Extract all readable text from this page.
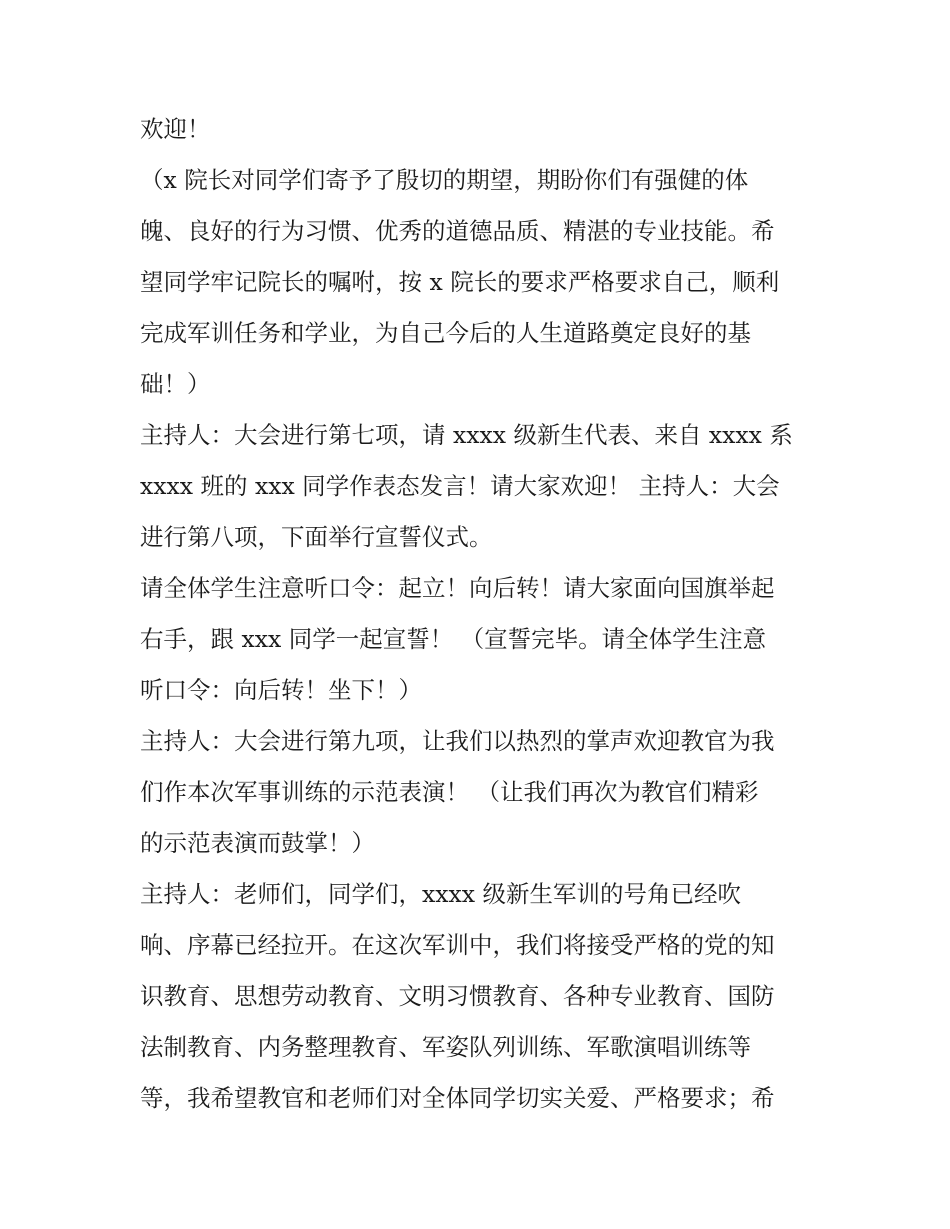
欢迎！
（x 院长对同学们寄予了殷切的期望，期盼你们有强健的体
魄、良好的行为习惯、优秀的道德品质、精湛的专业技能。希
望同学牢记院长的嘱咐，按 x 院长的要求严格要求自己，顺利
完成军训任务和学业，为自己今后的人生道路奠定良好的基
础！）
主持人：大会进行第七项，请 xxxx 级新生代表、来自 xxxx 系
xxxx 班的 xxx 同学作表态发言！请大家欢迎！ 主持人：大会
进行第八项，下面举行宣誓仪式。
请全体学生注意听口令：起立！向后转！请大家面向国旗举起
右手，跟 xxx 同学一起宣誓！ （宣誓完毕。请全体学生注意
听口令：向后转！坐下！）
主持人：大会进行第九项，让我们以热烈的掌声欢迎教官为我
们作本次军事训练的示范表演！ （让我们再次为教官们精彩
的示范表演而鼓掌！）
主持人：老师们，同学们，xxxx 级新生军训的号角已经吹
响、序幕已经拉开。在这次军训中，我们将接受严格的党的知
识教育、思想劳动教育、文明习惯教育、各种专业教育、国防
法制教育、内务整理教育、军姿队列训练、军歌演唱训练等
等，我希望教官和老师们对全体同学切实关爱、严格要求；希
